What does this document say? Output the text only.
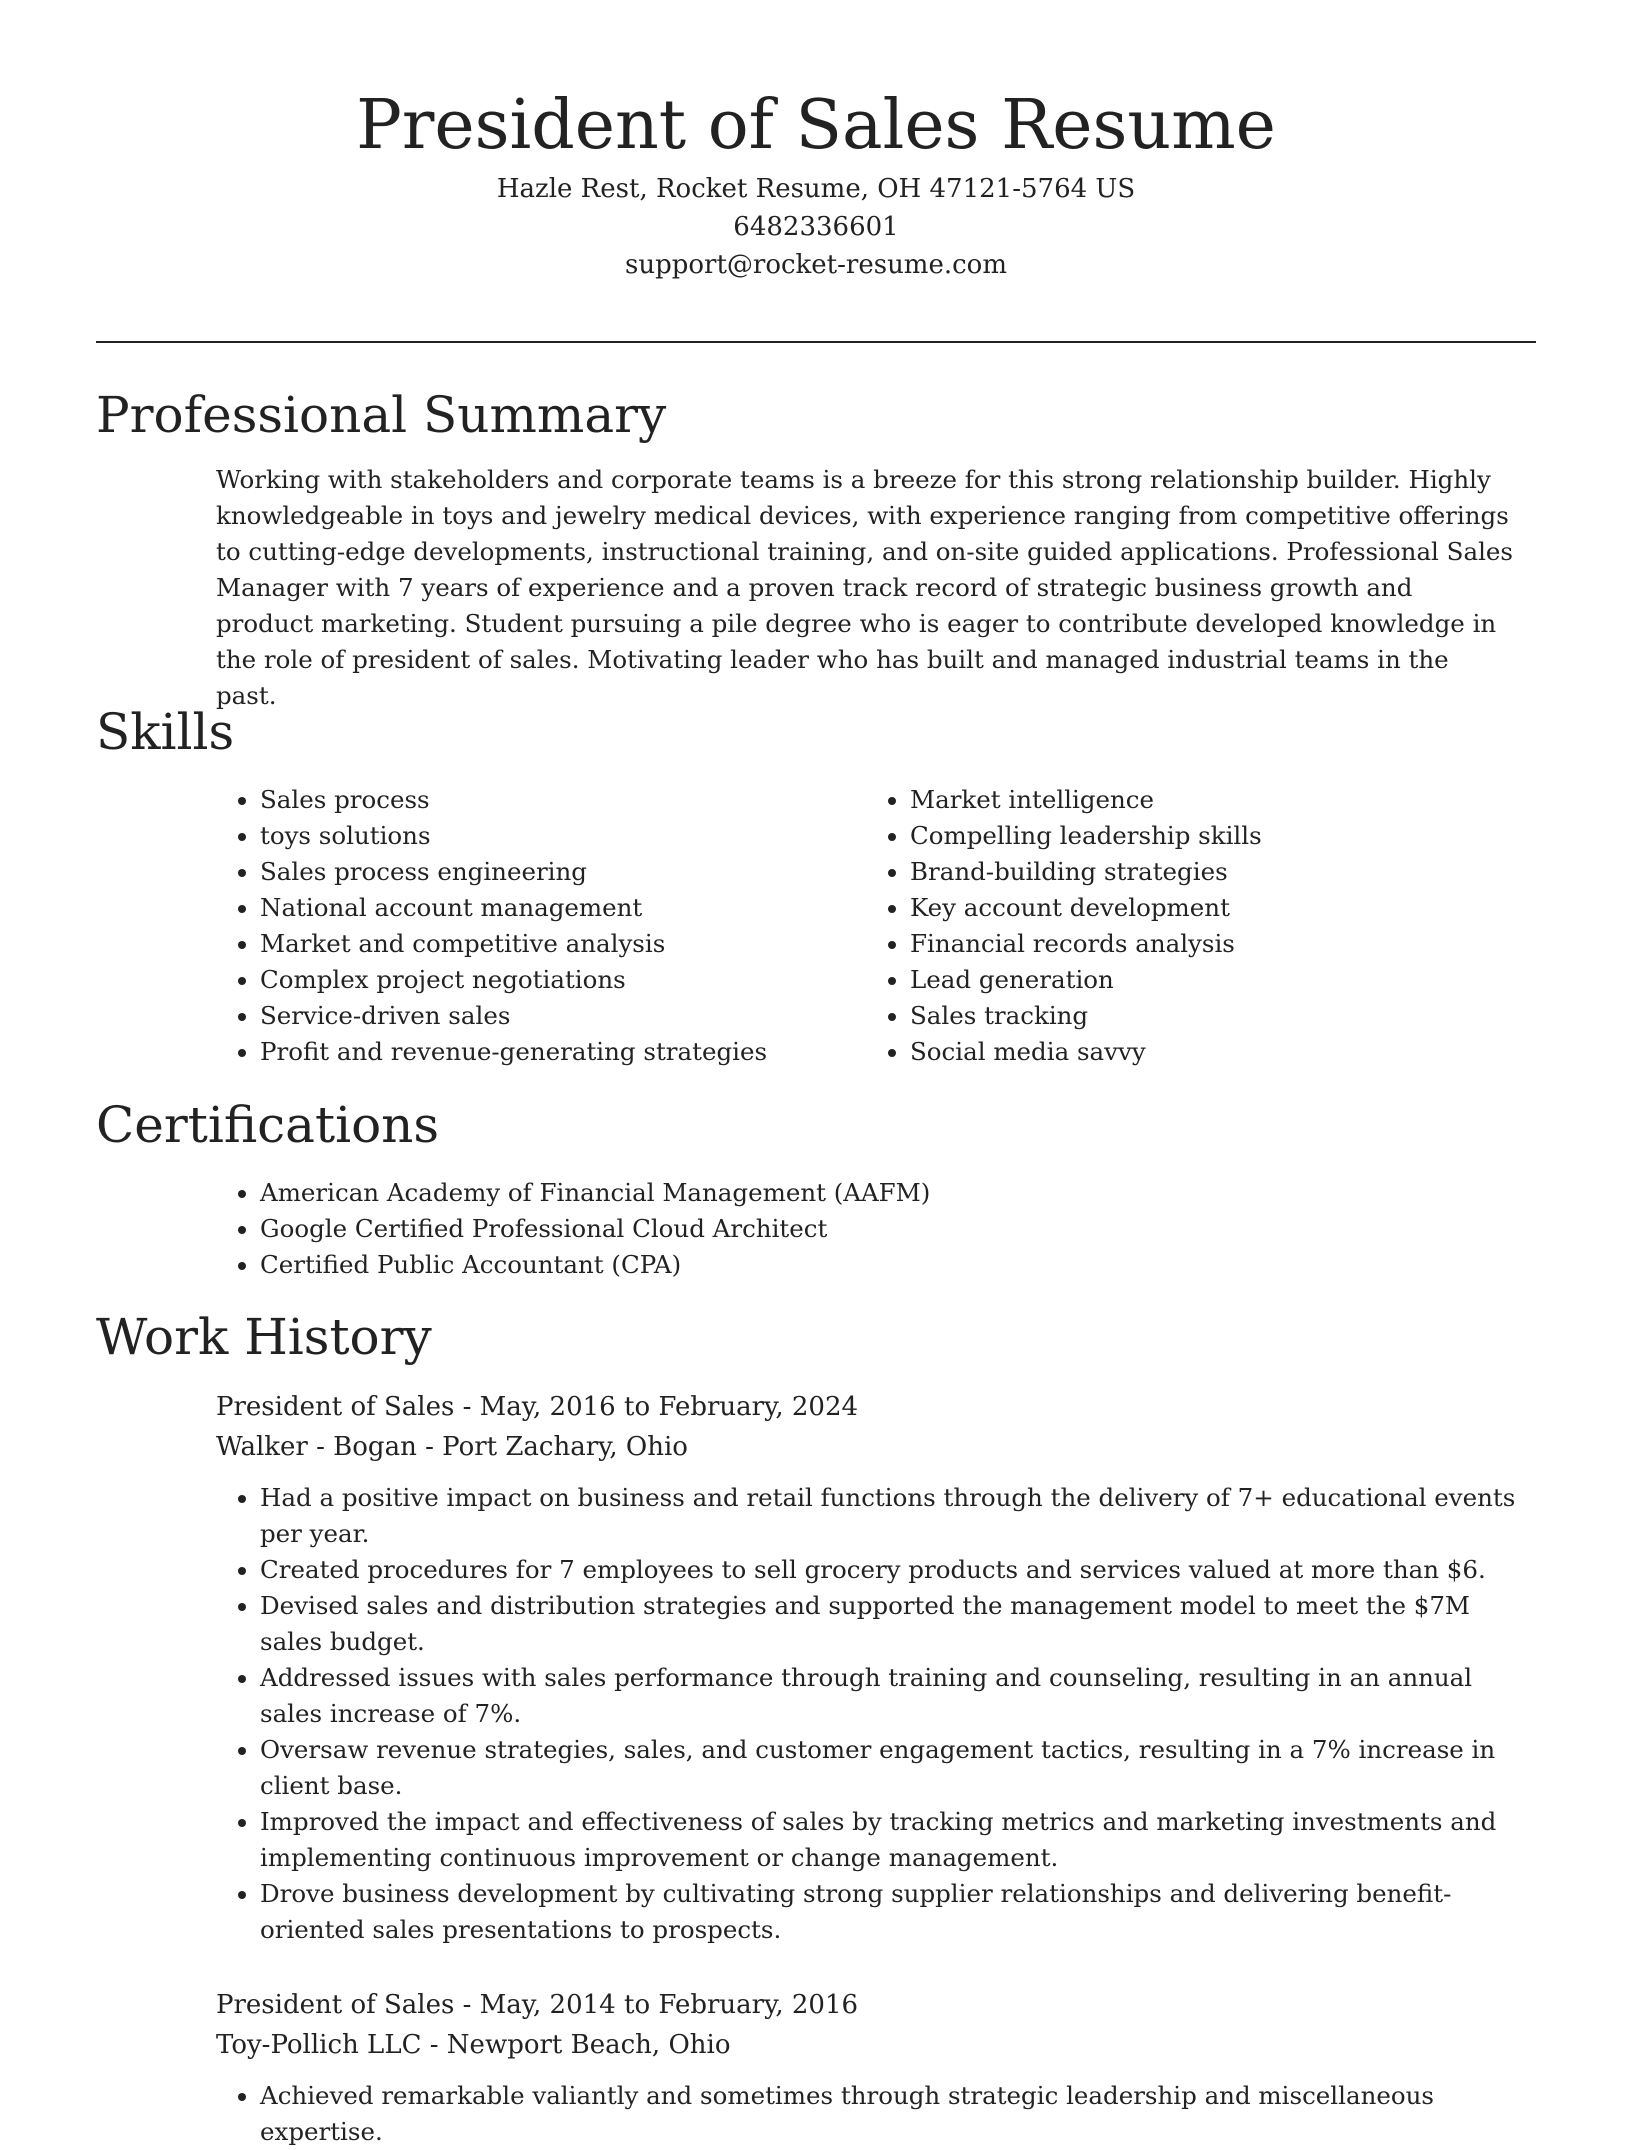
President of Sales Resume
Hazle Rest, Rocket Resume, OH 47121-5764 US
6482336601
support@rocket-resume.com
Professional Summary
Working with stakeholders and corporate teams is a breeze for this strong relationship builder. Highly knowledgeable in toys and jewelry medical devices, with experience ranging from competitive offerings to cutting-edge developments, instructional training, and on-site guided applications. Professional Sales Manager with 7 years of experience and a proven track record of strategic business growth and product marketing. Student pursuing a pile degree who is eager to contribute developed knowledge in the role of president of sales. Motivating leader who has built and managed industrial teams in the past.
Skills
• Sales process
• toys solutions
• Sales process engineering
• National account management
• Market and competitive analysis
• Complex project negotiations
• Service-driven sales
• Profit and revenue-generating strategies
• Market intelligence
• Compelling leadership skills
• Brand-building strategies
• Key account development
• Financial records analysis
• Lead generation
• Sales tracking
• Social media savvy
Certifications
• American Academy of Financial Management (AAFM)
• Google Certified Professional Cloud Architect
• Certified Public Accountant (CPA)
Work History
President of Sales - May, 2016 to February, 2024
Walker - Bogan - Port Zachary, Ohio
• Had a positive impact on business and retail functions through the delivery of 7+ educational events per year.
• Created procedures for 7 employees to sell grocery products and services valued at more than $6.
• Devised sales and distribution strategies and supported the management model to meet the $7M sales budget.
• Addressed issues with sales performance through training and counseling, resulting in an annual sales increase of 7%.
• Oversaw revenue strategies, sales, and customer engagement tactics, resulting in a 7% increase in client base.
• Improved the impact and effectiveness of sales by tracking metrics and marketing investments and implementing continuous improvement or change management.
• Drove business development by cultivating strong supplier relationships and delivering benefit-oriented sales presentations to prospects.
President of Sales - May, 2014 to February, 2016
Toy-Pollich LLC - Newport Beach, Ohio
• Achieved remarkable valiantly and sometimes through strategic leadership and miscellaneous expertise.
